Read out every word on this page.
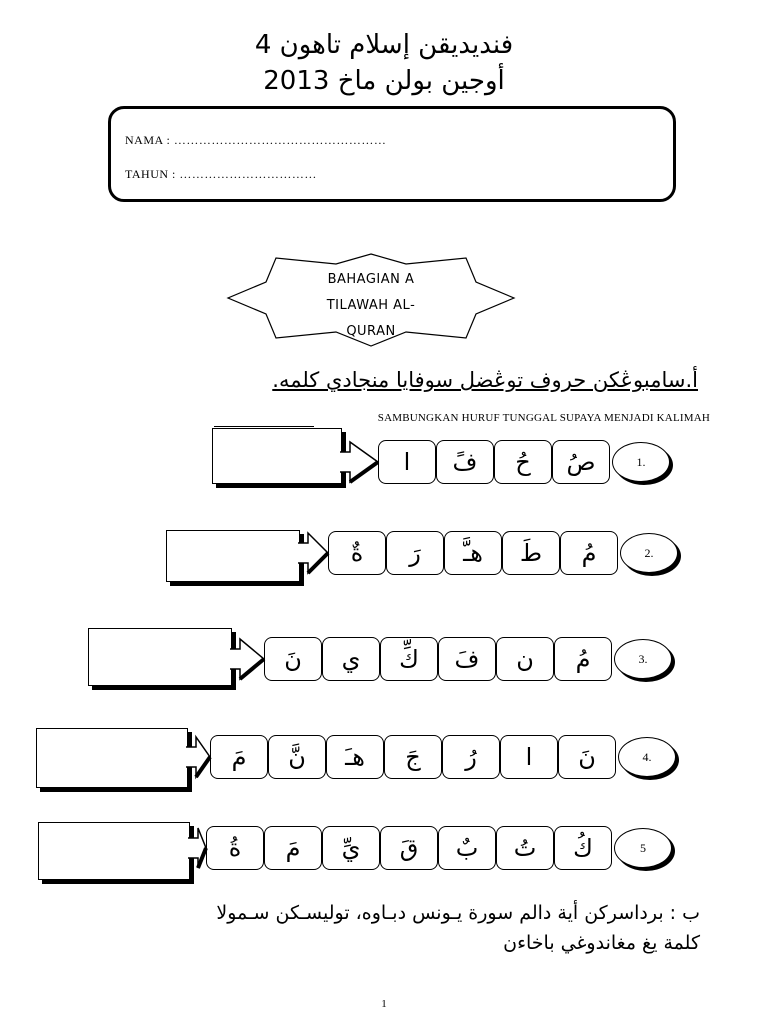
فنديديقن إسلام تاهون 4
أوجين بولن ماخ 2013
NAMA : ……………………………………………
TAHUN : ……………………………
BAHAGIAN A
TILAWAH AL-
QURAN
أ.سامبوڠكن حروف توڠضل سوفايا منجادي كلمه.
SAMBUNGKAN HURUF TUNGGAL SUPAYA MENJADI KALIMAH
1.
صُ
حُ
فً
ا
2.
مُ
طَ
هـَّ
رَ
ةٌ
3.
مُ
ن
فَ
كِّ
ي
نَ
4.
نَ
ا
رُ
جَ
هـَ
نَّ
مَ
5
كُ
تُ
بٌ
قَ
يِّ
مَ
ةُ
ب : برداسركن أية دالم سورة يـونس دبـاوه، توليسـكن سـمولا
كلمة يغ مغاندوغي باخاءن
1
